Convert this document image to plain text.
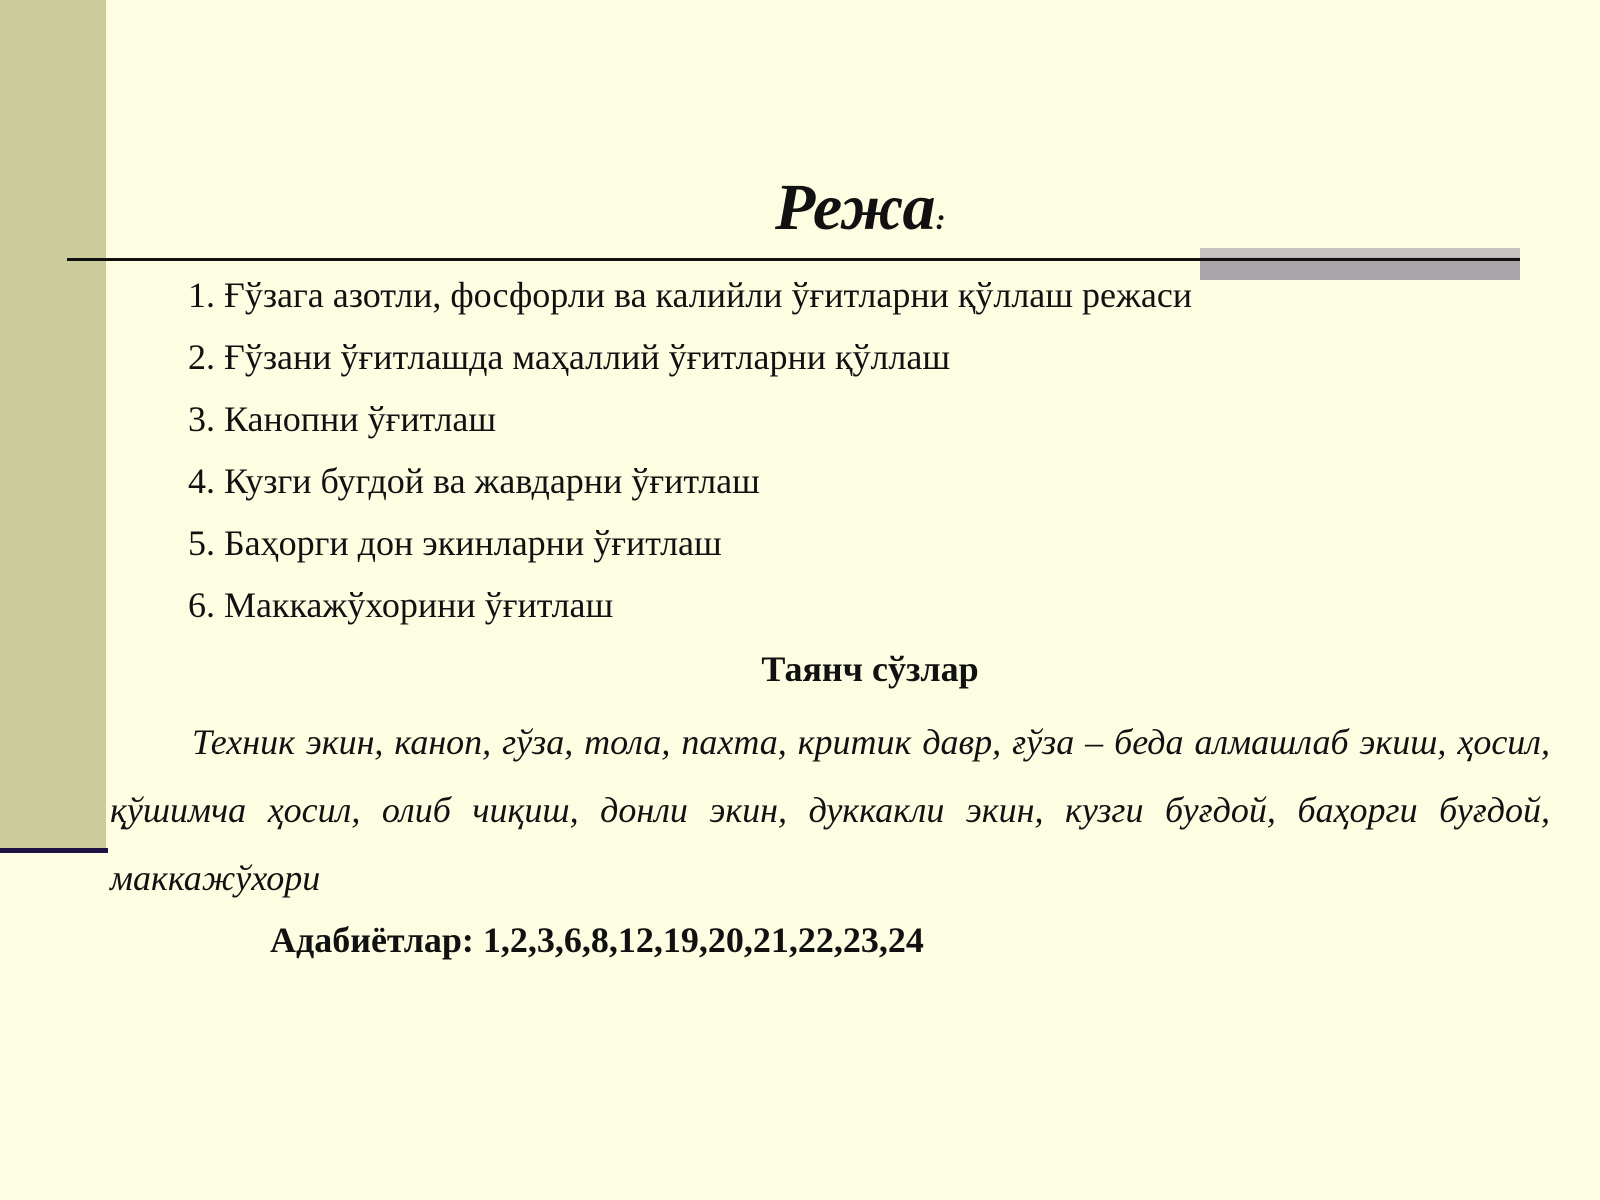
Режа:
1. Ғўзага азотли, фосфорли ва калийли ўғитларни қўллаш режаси
2. Ғўзани ўғитлашда маҳаллий ўғитларни қўллаш
3. Канопни ўғитлаш
4. Кузги бугдой ва жавдарни ўғитлаш
5. Баҳорги дон экинларни ўғитлаш
6. Маккажўхорини ўғитлаш
Таянч сўзлар

Техник экин, каноп, гўза, тола, пахта, критик давр, ғўза – беда алмашлаб экиш, ҳосил, қўшимча ҳосил, олиб чиқиш, донли экин, дуккакли экин, кузги буғдой, баҳорги буғдой, маккажўхори

Адабиётлар: 1,2,3,6,8,12,19,20,21,22,23,24
